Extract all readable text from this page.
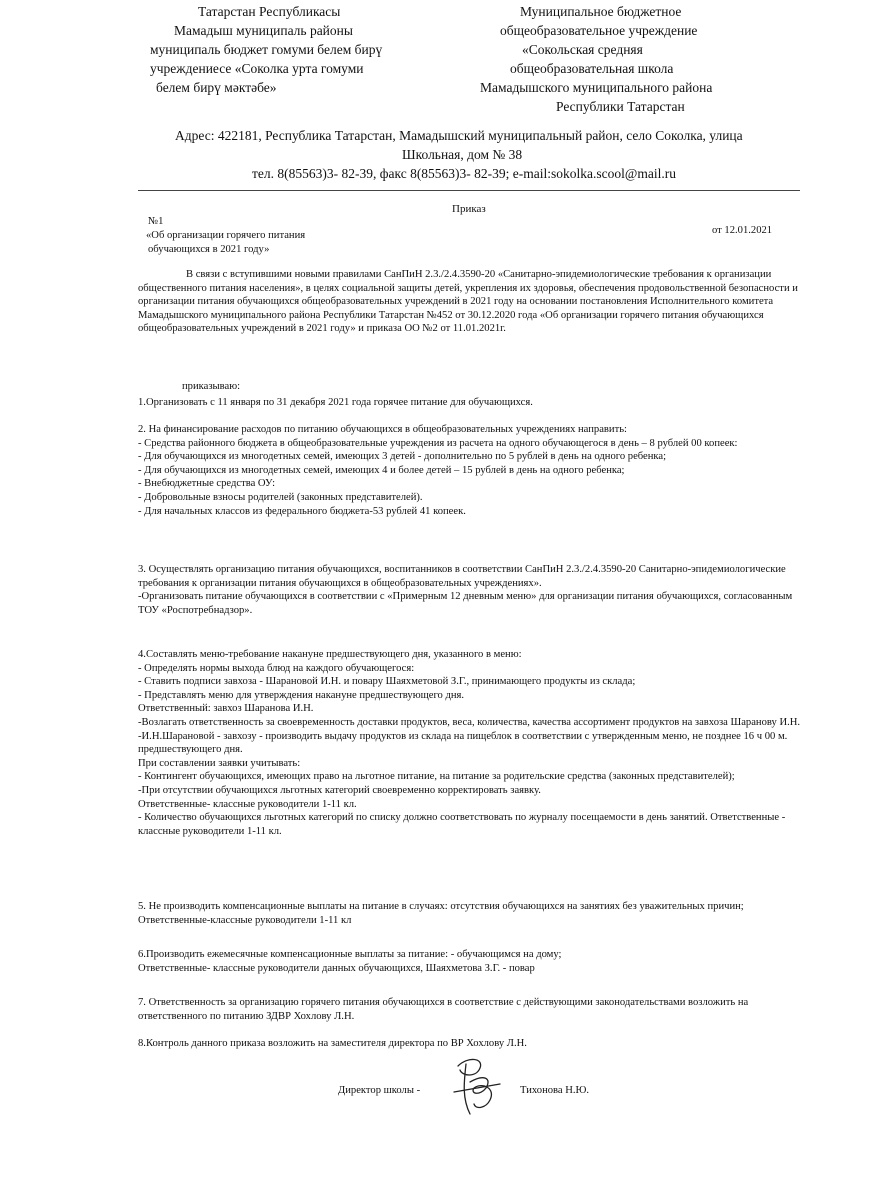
Татарстан Республикасы
Мамадыш муниципаль районы
муниципаль бюджет гомуми белем бирү
учреждениесе «Соколка урта гомуми
белем бирү мәктәбе»
Муниципальное бюджетное
общеобразовательное учреждение
«Сокольская средняя
общеобразовательная школа
Мамадышского муниципального района
Республики Татарстан
Адрес: 422181, Республика Татарстан, Мамадышский муниципальный район, село Соколка, улица
Школьная, дом № 38
тел. 8(85563)3- 82-39, факс 8(85563)3- 82-39; e-mail:sokolka.scool@mail.ru
Приказ
№1
от 12.01.2021
«Об организации горячего питания
обучающихся в 2021 году»
В связи с вступившими новыми правилами СанПиН 2.3./2.4.3590-20 «Санитарно-эпидемиологические требования к организации общественного питания населения», в целях социальной защиты детей, укрепления их здоровья, обеспечения продовольственной безопасности и организации питания обучающихся общеобразовательных учреждений в 2021 году на основании постановления Исполнительного комитета Мамадышского муниципального района Республики Татарстан №452 от 30.12.2020 года «Об организации горячего питания обучающихся общеобразовательных учреждений в 2021 году» и приказа ОО №2 от 11.01.2021г.
приказываю:
1.Организовать с 11 января по 31 декабря 2021 года горячее питание для обучающихся.

2. На финансирование расходов по питанию обучающихся в общеобразовательных учреждениях направить:

- Средства районного бюджета в общеобразовательные учреждения из расчета на одного обучающегося в день – 8 рублей 00 копеек:

- Для обучающихся из многодетных семей, имеющих 3 детей - дополнительно по 5 рублей в день на одного ребенка;

- Для обучающихся из многодетных семей, имеющих 4 и более детей – 15 рублей в день на одного ребенка;

- Внебюджетные средства ОУ:

- Добровольные взносы родителей (законных представителей).

- Для начальных классов из федерального бюджета-53 рублей 41 копеек.

3. Осуществлять организацию питания обучающихся, воспитанников в соответствии СанПиН 2.3./2.4.3590-20 Санитарно-эпидемиологические требования к организации питания обучающихся в общеобразовательных учреждениях».

-Организовать питание обучающихся в соответствии с «Примерным 12 дневным меню» для организации питания обучающихся, согласованным ТОУ «Роспотребнадзор».

4.Составлять меню-требование накануне предшествующего дня, указанного в меню:

- Определять нормы выхода блюд на каждого обучающегося:

- Ставить подписи завхоза - Шарановой И.Н. и повару Шаяхметовой З.Г., принимающего продукты из склада;

- Представлять меню для утверждения накануне предшествующего дня.

Ответственный: завхоз Шаранова И.Н.

-Возлагать ответственность за своевременность доставки продуктов, веса, количества, качества ассортимент продуктов на завхоза Шаранову И.Н.

-И.Н.Шарановой - завхозу - производить выдачу продуктов из склада на пищеблок в соответствии с утвержденным меню, не позднее 16 ч 00 м. предшествующего дня.

При составлении заявки учитывать:

- Контингент обучающихся, имеющих право на льготное питание, на питание за родительские средства (законных представителей);

-При отсутствии обучающихся льготных категорий своевременно корректировать заявку.

Ответственные- классные руководители 1-11 кл.

- Количество обучающихся льготных категорий по списку должно соответствовать по журналу посещаемости в день занятий. Ответственные - классные руководители 1-11 кл.

5. Не производить компенсационные выплаты на питание в случаях: отсутствия обучающихся на занятиях без уважительных причин; Ответственные-классные руководители 1-11 кл

6.Производить ежемесячные компенсационные выплаты за питание: - обучающимся на дому;

Ответственные- классные руководители данных обучающихся, Шаяхметова З.Г. - повар

7. Ответственность за организацию горячего питания обучающихся в соответствие с действующими законодательствами возложить на ответственного по питанию ЗДВР Хохлову Л.Н.
8.Контроль данного приказа возложить на заместителя директора по ВР Хохлову Л.Н.
Директор школы -	Тихонова Н.Ю.
